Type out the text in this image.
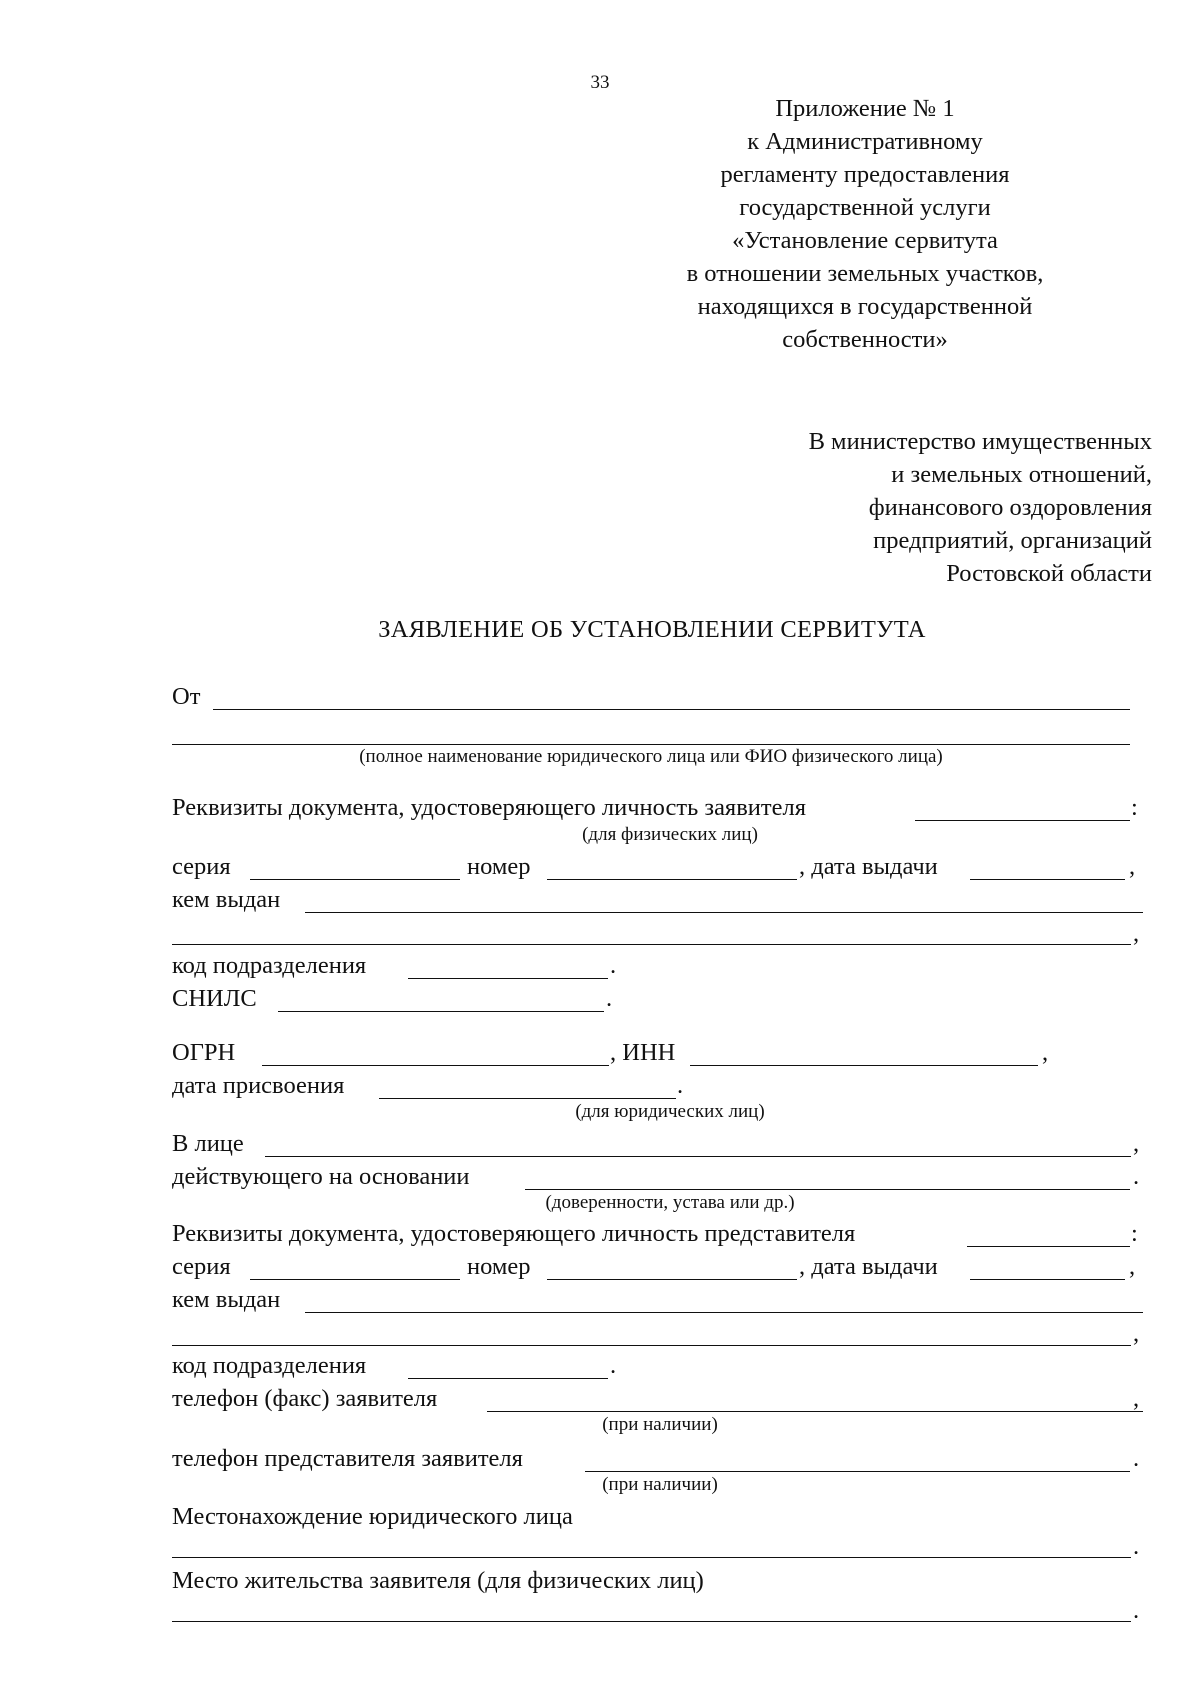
33
Приложение № 1
к Административному
регламенту предоставления
государственной услуги
«Установление сервитута
в отношении земельных участков,
находящихся в государственной
собственности»
В министерство имущественных
и земельных отношений,
финансового оздоровления
предприятий, организаций
Ростовской области
ЗАЯВЛЕНИЕ ОБ УСТАНОВЛЕНИИ СЕРВИТУТА
От
(полное наименование юридического лица или ФИО физического лица)
Реквизиты документа, удостоверяющего личность заявителя	:
(для физических лиц)
серия	номер	, дата выдачи	,
кем выдан
,
код подразделения	.
СНИЛС	.
ОГРН	, ИНН	,
дата присвоения	.
(для юридических лиц)
В лице	,
действующего на основании	.
(доверенности, устава или др.)
Реквизиты документа, удостоверяющего личность представителя	:
серия	номер	, дата выдачи	,
кем выдан
,
код подразделения	.
телефон (факс) заявителя	,
(при наличии)
телефон представителя заявителя	.
(при наличии)
Местонахождение юридического лица
.
Место жительства заявителя (для физических лиц)
.
